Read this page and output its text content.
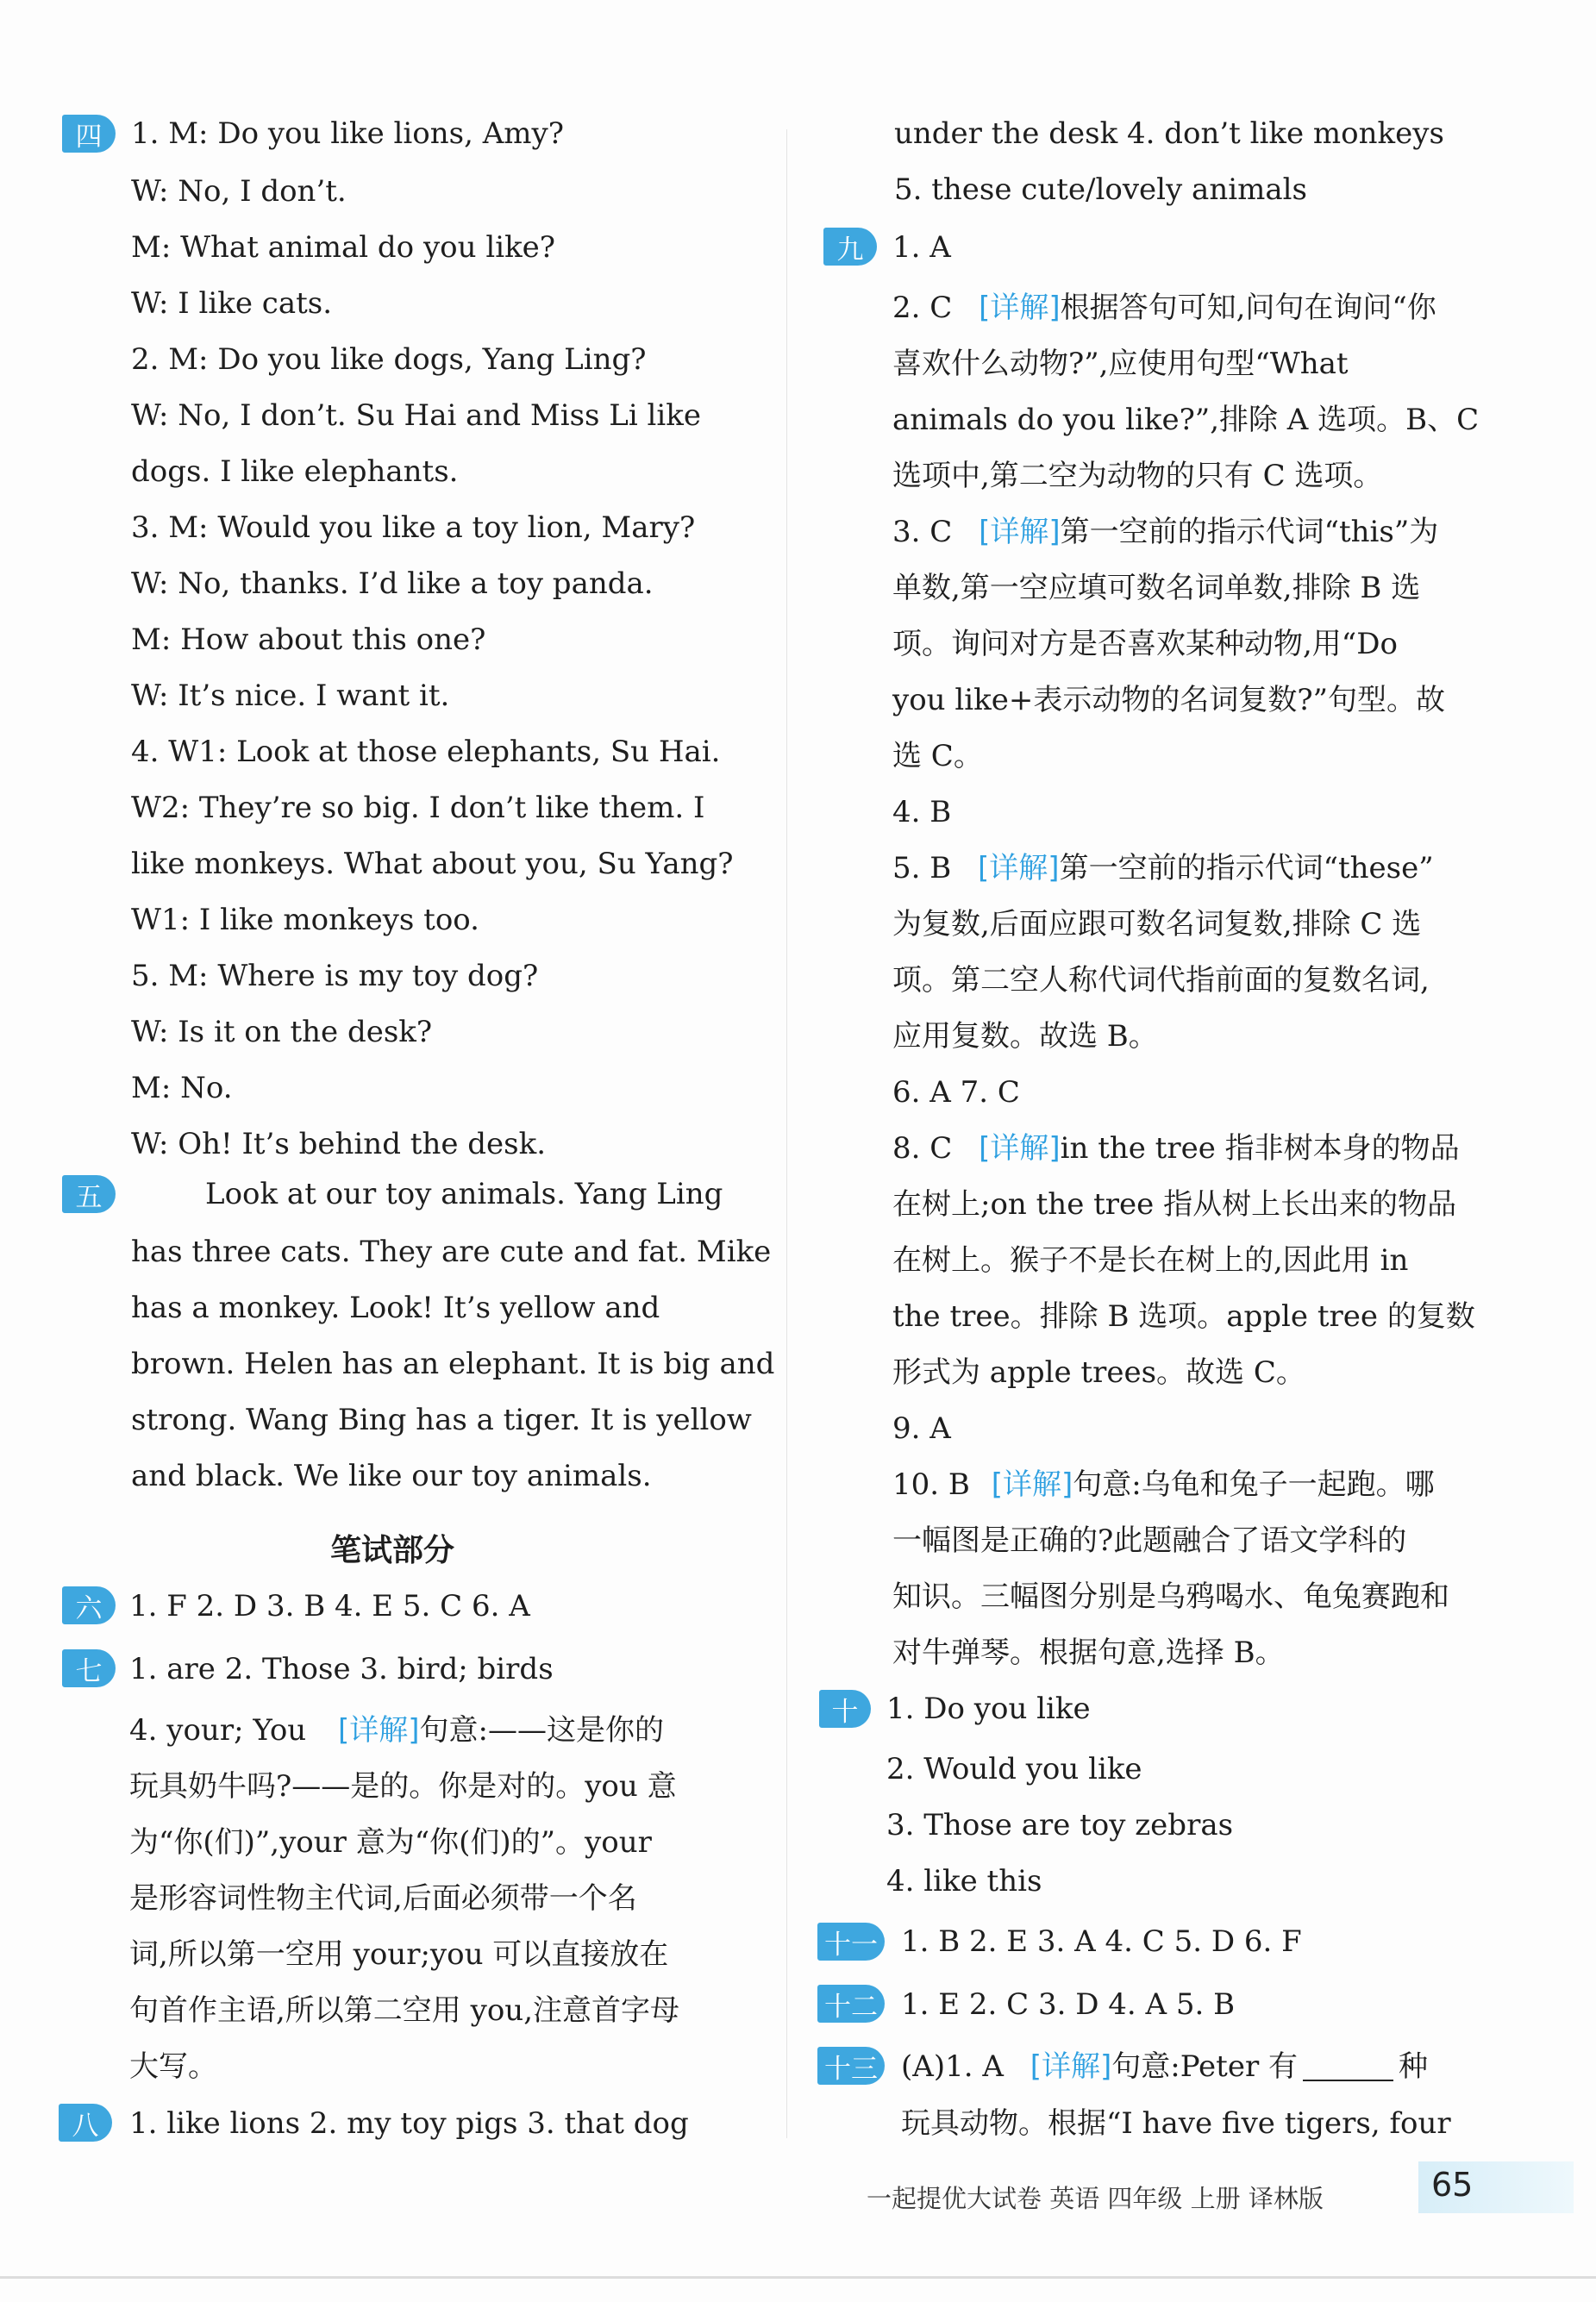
四 1. M: Do you like lions, Amy?
W: No, I don’t.
M: What animal do you like?
W: I like cats.
2. M: Do you like dogs, Yang Ling?
W: No, I don’t. Su Hai and Miss Li like
dogs. I like elephants.
3. M: Would you like a toy lion, Mary?
W: No, thanks. I’d like a toy panda.
M: How about this one?
W: It’s nice. I want it.
4. W1: Look at those elephants, Su Hai.
W2: They’re so big. I don’t like them. I
like monkeys. What about you, Su Yang?
W1: I like monkeys too.
5. M: Where is my toy dog?
W: Is it on the desk?
M: No.
W: Oh! It’s behind the desk.
五	Look at our toy animals. Yang Ling
has three cats. They are cute and fat. Mike
has a monkey. Look! It’s yellow and
brown. Helen has an elephant. It is big and
strong. Wang Bing has a tiger. It is yellow
and black. We like our toy animals.
笔试部分
六 1. F 2. D 3. B 4. E 5. C 6. A
七 1. are 2. Those 3. bird; birds
4. your; You [详解]句意:——这是你的
玩具奶牛吗?——是的。你是对的。you 意
为“你(们)”,your 意为“你(们)的”。your
是形容词性物主代词,后面必须带一个名
词,所以第一空用 your;you 可以直接放在
句首作主语,所以第二空用 you,注意首字母
大写。
八	1. like lions 2. my toy pigs 3. that dog
under the desk 4. don’t like monkeys
5. these cute/lovely animals
九 1. A
2. C [详解]根据答句可知,问句在询问“你
喜欢什么动物?”,应使用句型“What
animals do you like?”,排除 A 选项。B、C
选项中,第二空为动物的只有 C 选项。
3. C [详解]第一空前的指示代词“this”为
单数,第一空应填可数名词单数,排除 B 选
项。询问对方是否喜欢某种动物,用“Do
you like+表示动物的名词复数?”句型。故
选 C。
4. B
5. B [详解]第一空前的指示代词“these”
为复数,后面应跟可数名词复数,排除 C 选
项。第二空人称代词代指前面的复数名词,
应用复数。故选 B。
6. A 7. C
8. C [详解]in the tree 指非树本身的物品
在树上;on the tree 指从树上长出来的物品
在树上。猴子不是长在树上的,因此用 in
the tree。排除 B 选项。apple tree 的复数
形式为 apple trees。故选 C。
9. A
10. B [详解]句意:乌龟和兔子一起跑。哪
一幅图是正确的?此题融合了语文学科的
知识。三幅图分别是乌鸦喝水、龟兔赛跑和
对牛弹琴。根据句意,选择 B。
十 1. Do you like
2. Would you like
3. Those are toy zebras
4. like this
十一 1. B 2. E 3. A 4. C 5. D 6. F
十二 1. E 2. C 3. D 4. A 5. B
十三 (A)1. A [详解]句意:Peter 有	种
玩具动物。根据“I have five tigers, four
一起提优大试卷 英语 四年级 上册 译林版	65
